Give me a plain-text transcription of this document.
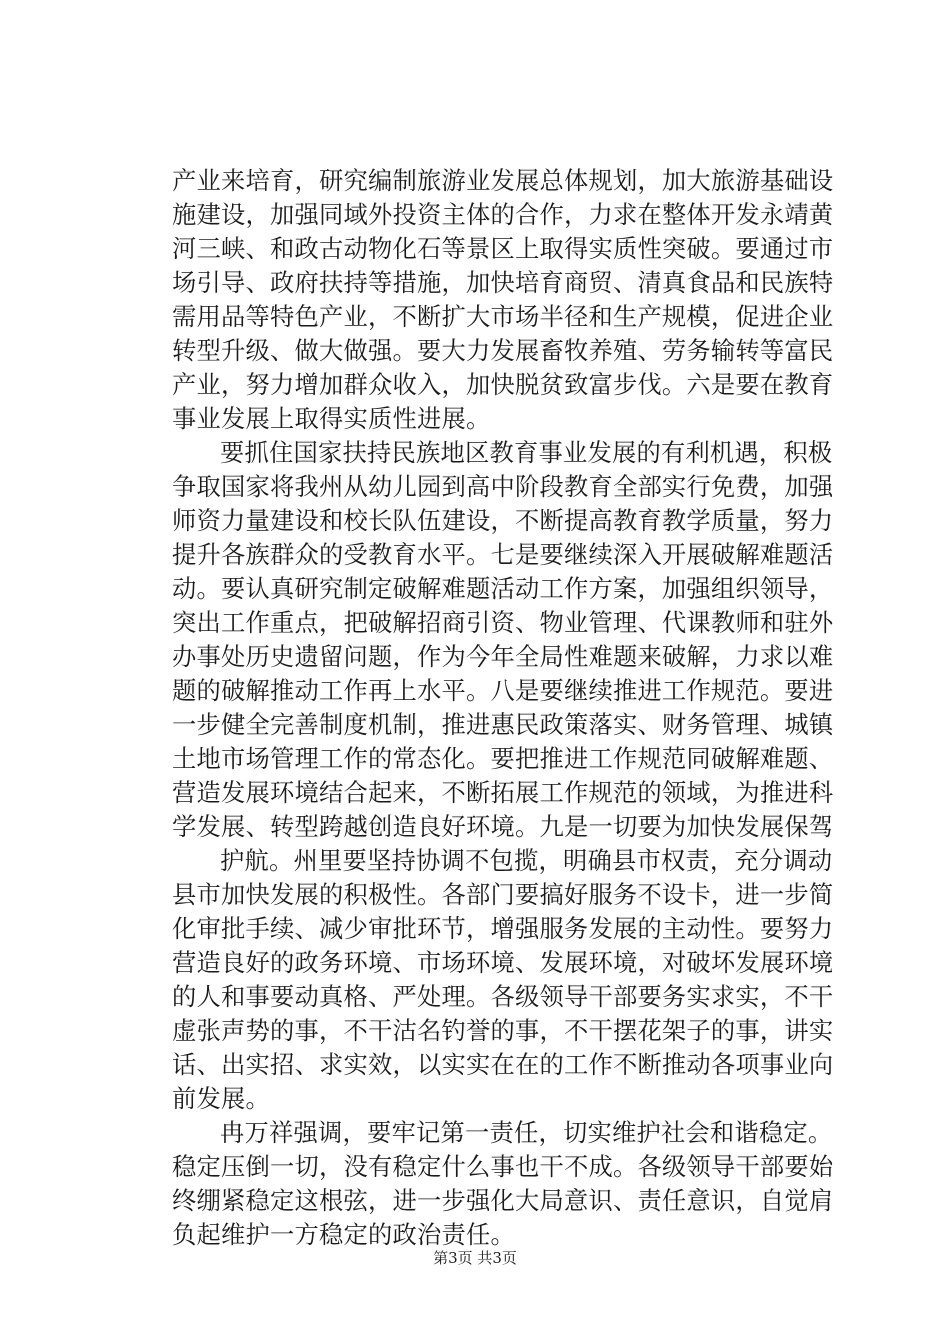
产业来培育，研究编制旅游业发展总体规划，加大旅游基础设
施建设，加强同域外投资主体的合作，力求在整体开发永靖黄
河三峡、和政古动物化石等景区上取得实质性突破。要通过市
场引导、政府扶持等措施，加快培育商贸、清真食品和民族特
需用品等特色产业，不断扩大市场半径和生产规模，促进企业
转型升级、做大做强。要大力发展畜牧养殖、劳务输转等富民
产业，努力增加群众收入，加快脱贫致富步伐。六是要在教育
事业发展上取得实质性进展。
要抓住国家扶持民族地区教育事业发展的有利机遇，积极
争取国家将我州从幼儿园到高中阶段教育全部实行免费，加强
师资力量建设和校长队伍建设，不断提高教育教学质量，努力
提升各族群众的受教育水平。七是要继续深入开展破解难题活
动。要认真研究制定破解难题活动工作方案，加强组织领导，
突出工作重点，把破解招商引资、物业管理、代课教师和驻外
办事处历史遗留问题，作为今年全局性难题来破解，力求以难
题的破解推动工作再上水平。八是要继续推进工作规范。要进
一步健全完善制度机制，推进惠民政策落实、财务管理、城镇
土地市场管理工作的常态化。要把推进工作规范同破解难题、
营造发展环境结合起来，不断拓展工作规范的领域，为推进科
学发展、转型跨越创造良好环境。九是一切要为加快发展保驾
护航。州里要坚持协调不包揽，明确县市权责，充分调动
县市加快发展的积极性。各部门要搞好服务不设卡，进一步简
化审批手续、减少审批环节，增强服务发展的主动性。要努力
营造良好的政务环境、市场环境、发展环境，对破坏发展环境
的人和事要动真格、严处理。各级领导干部要务实求实，不干
虚张声势的事，不干沽名钓誉的事，不干摆花架子的事，讲实
话、出实招、求实效，以实实在在的工作不断推动各项事业向
前发展。
冉万祥强调，要牢记第一责任，切实维护社会和谐稳定。
稳定压倒一切，没有稳定什么事也干不成。各级领导干部要始
终绷紧稳定这根弦，进一步强化大局意识、责任意识，自觉肩
负起维护一方稳定的政治责任。
第3页 共3页
